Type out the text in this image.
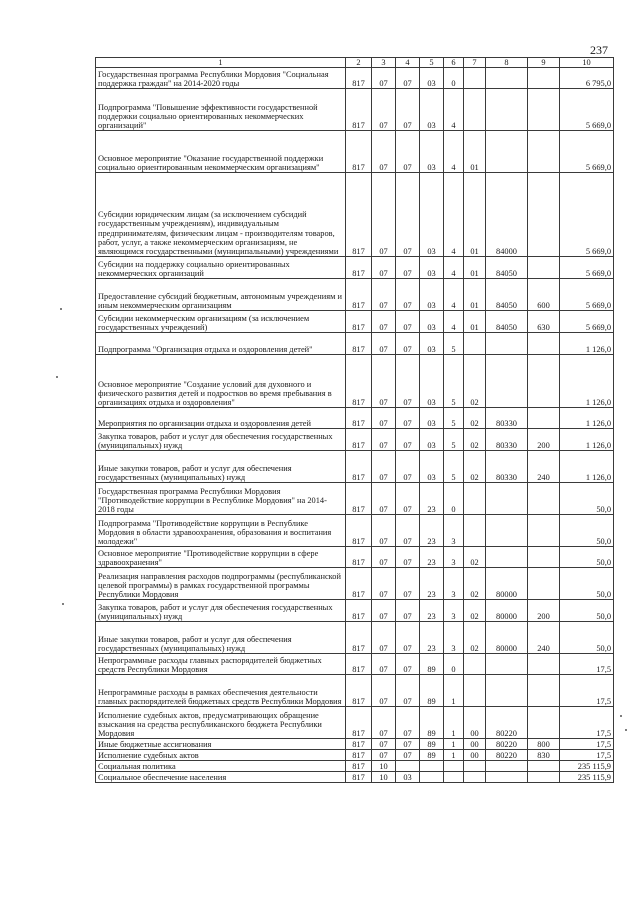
237
1	2	3	4	5	6	7	8	9	10
Государственная программа Республики Мордовия "Социальная поддержка граждан" на 2014-2020 годы	817	07	07	03	0				6 795,0
Подпрограмма "Повышение эффективности государственной поддержки социально ориентированных некоммерческих организаций"	817	07	07	03	4				5 669,0
Основное мероприятие "Оказание государственной поддержки социально ориентированным некоммерческим организациям"	817	07	07	03	4	01			5 669,0
Субсидии юридическим лицам (за исключением субсидий государственным учреждениям), индивидуальным предпринимателям, физическим лицам - производителям товаров, работ, услуг, а также некоммерческим организациям, не являющимся государственными (муниципальными) учреждениями	817	07	07	03	4	01	84000		5 669,0
Субсидии на поддержку социально ориентированных некоммерческих организаций	817	07	07	03	4	01	84050		5 669,0
Предоставление субсидий бюджетным, автономным учреждениям и иным некоммерческим организациям	817	07	07	03	4	01	84050	600	5 669,0
Субсидии некоммерческим организациям (за исключением государственных учреждений)	817	07	07	03	4	01	84050	630	5 669,0
Подпрограмма "Организация отдыха и оздоровления детей"	817	07	07	03	5				1 126,0
Основное мероприятие "Создание условий для духовного и физического развития детей и подростков во время пребывания в организациях отдыха и оздоровления"	817	07	07	03	5	02			1 126,0
Мероприятия по организации отдыха и оздоровления детей	817	07	07	03	5	02	80330		1 126,0
Закупка товаров, работ и услуг для обеспечения государственных (муниципальных) нужд	817	07	07	03	5	02	80330	200	1 126,0
Иные закупки товаров, работ и услуг для обеспечения государственных (муниципальных) нужд	817	07	07	03	5	02	80330	240	1 126,0
Государственная программа Республики Мордовия "Противодействие коррупции в Республике Мордовия" на 2014-2018 годы	817	07	07	23	0				50,0
Подпрограмма "Противодействие коррупции в Республике Мордовия в области здравоохранения, образования и воспитания молодежи"	817	07	07	23	3				50,0
Основное мероприятие "Противодействие коррупции в сфере здравоохранения"	817	07	07	23	3	02			50,0
Реализация направления расходов подпрограммы (республиканской целевой программы) в рамках государственной программы Республики Мордовия	817	07	07	23	3	02	80000		50,0
Закупка товаров, работ и услуг для обеспечения государственных (муниципальных) нужд	817	07	07	23	3	02	80000	200	50,0
Иные закупки товаров, работ и услуг для обеспечения государственных (муниципальных) нужд	817	07	07	23	3	02	80000	240	50,0
Непрограммные расходы главных распорядителей бюджетных средств Республики Мордовия	817	07	07	89	0				17,5
Непрограммные расходы в рамках обеспечения деятельности главных распорядителей бюджетных средств Республики Мордовия	817	07	07	89	1				17,5
Исполнение судебных актов, предусматривающих обращение взыскания на средства республиканского бюджета Республики Мордовия	817	07	07	89	1	00	80220		17,5
Иные бюджетные ассигнования	817	07	07	89	1	00	80220	800	17,5
Исполнение судебных актов	817	07	07	89	1	00	80220	830	17,5
Социальная политика	817	10							235 115,9
Социальное обеспечение населения	817	10	03						235 115,9
